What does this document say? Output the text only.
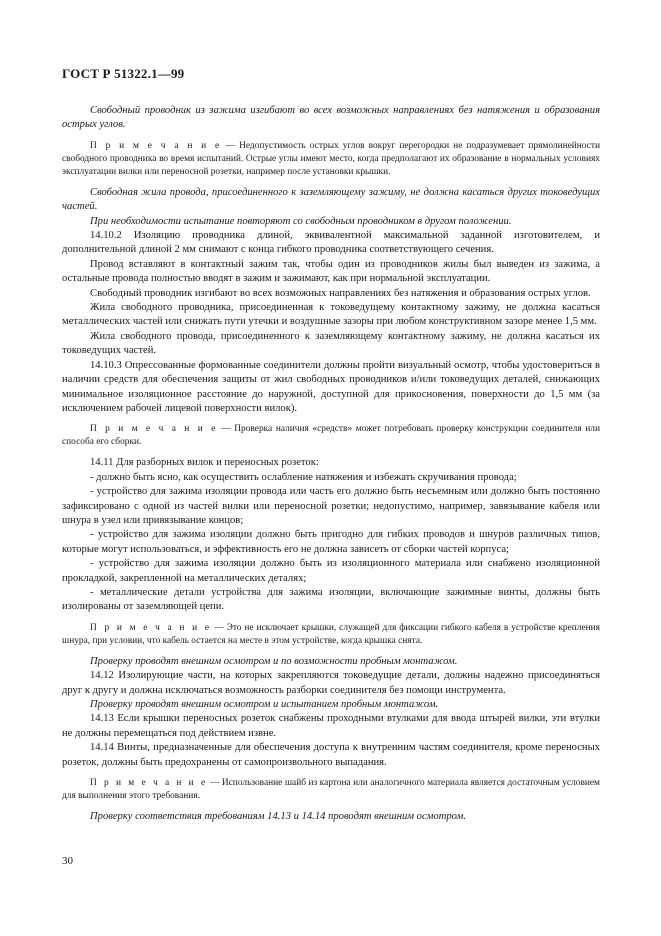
ГОСТ Р 51322.1—99

Свободный проводник из зажима изгибают во всех возможных направлениях без натяжения и образования острых углов.

П р и м е ч а н и е — Недопустимость острых углов вокруг перегородки не подразумевает прямолинейности свободного проводника во время испытаний. Острые углы имеют место, когда предполагают их образование в нормальных условиях эксплуатации вилки или переносной розетки, например после установки крышки.

Свободная жила провода, присоединенного к заземляющему зажиму, не должна касаться других токоведущих частей.

При необходимости испытание повторяют со свободным проводником в другом положении.

14.10.2 Изоляцию проводника длиной, эквивалентной максимальной заданной изготовителем, и дополнительной длиной 2 мм снимают с конца гибкого проводника соответствующего сечения.

Провод вставляют в контактный зажим так, чтобы один из проводников жилы был выведен из зажима, а остальные провода полностью вводят в зажим и зажимают, как при нормальной эксплуатации.

Свободный проводник изгибают во всех возможных направлениях без натяжения и образования острых углов.

Жила свободного проводника, присоединенная к токоведущему контактному зажиму, не должна касаться металлических частей или снижать пути утечки и воздушные зазоры при любом конструктивном зазоре менее 1,5 мм.

Жила свободного провода, присоединенного к заземляющему контактному зажиму, не должна касаться их токоведущих частей.

14.10.3 Опрессованные формованные соединители должны пройти визуальный осмотр, чтобы удостовериться в наличии средств для обеспечения защиты от жил свободных проводников и/или токоведущих деталей, снижающих минимальное изоляционное расстояние до наружной, доступной для прикосновения, поверхности до 1,5 мм (за исключением рабочей лицевой поверхности вилок).

П р и м е ч а н и е — Проверка наличия «средств» может потребовать проверку конструкции соединителя или способа его сборки.

14.11 Для разборных вилок и переносных розеток:

- должно быть ясно, как осуществить ослабление натяжения и избежать скручивания провода;

- устройство для зажима изоляции провода или часть его должно быть несъемным или должно быть постоянно зафиксировано с одной из частей вилки или переносной розетки; недопустимо, например, завязывание кабеля или шнура в узел или привязывание концов;

- устройство для зажима изоляции должно быть пригодно для гибких проводов и шнуров различных типов, которые могут использоваться, и эффективность его не должна зависеть от сборки частей корпуса;

- устройство для зажима изоляции должно быть из изоляционного материала или снабжено изоляционной прокладкой, закрепленной на металлических деталях;

- металлические детали устройства для зажима изоляции, включающие зажимные винты, должны быть изолированы от заземляющей цепи.

П р и м е ч а н и е — Это не исключает крышки, служащей для фиксации гибкого кабеля в устройстве крепления шнура, при условии, что кабель остается на месте в этом устройстве, когда крышка снята.

Проверку проводят внешним осмотром и по возможности пробным монтажом.

14.12 Изолирующие части, на которых закрепляются токоведущие детали, должны надежно присоединяться друг к другу и должна исключаться возможность разборки соединителя без помощи инструмента.

Проверку проводят внешним осмотром и испытанием пробным монтажом.

14.13 Если крышки переносных розеток снабжены проходными втулками для ввода штырей вилки, эти втулки не должны перемещаться под действием извне.

14.14 Винты, предназначенные для обеспечения доступа к внутренним частям соединителя, кроме переносных розеток, должны быть предохранены от самопроизвольного выпадания.

П р и м е ч а н и е — Использование шайб из картона или аналогичного материала является достаточным условием для выполнения этого требования.

Проверку соответствия требованиям 14.13 и 14.14 проводят внешним осмотром.

30
